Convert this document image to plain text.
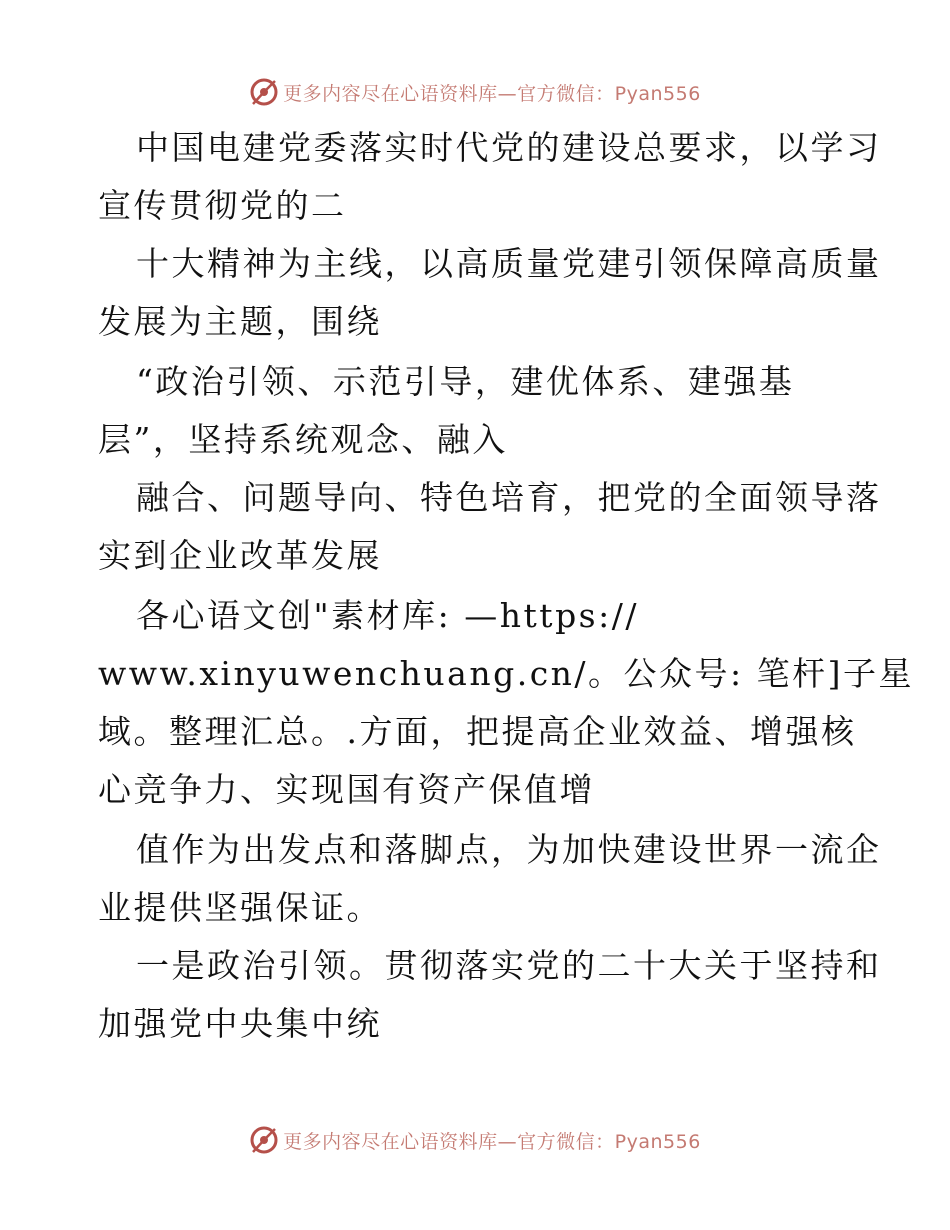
更多内容尽在心语资料库—官方微信：Pyan556
中国电建党委落实时代党的建设总要求，以学习
宣传贯彻党的二
十大精神为主线，以高质量党建引领保障高质量
发展为主题，围绕
“政治引领、示范引导，建优体系、建强基
层”，坚持系统观念、融入
融合、问题导向、特色培育，把党的全面领导落
实到企业改革发展
各心语文创"素材库: —https://
www.xinyuwenchuang.cn/。公众号: 笔杆]子星
域。整理汇总。.方面，把提高企业效益、增强核
心竞争力、实现国有资产保值增
值作为出发点和落脚点，为加快建设世界一流企
业提供坚强保证。
一是政治引领。贯彻落实党的二十大关于坚持和
加强党中央集中统
更多内容尽在心语资料库—官方微信：Pyan556
